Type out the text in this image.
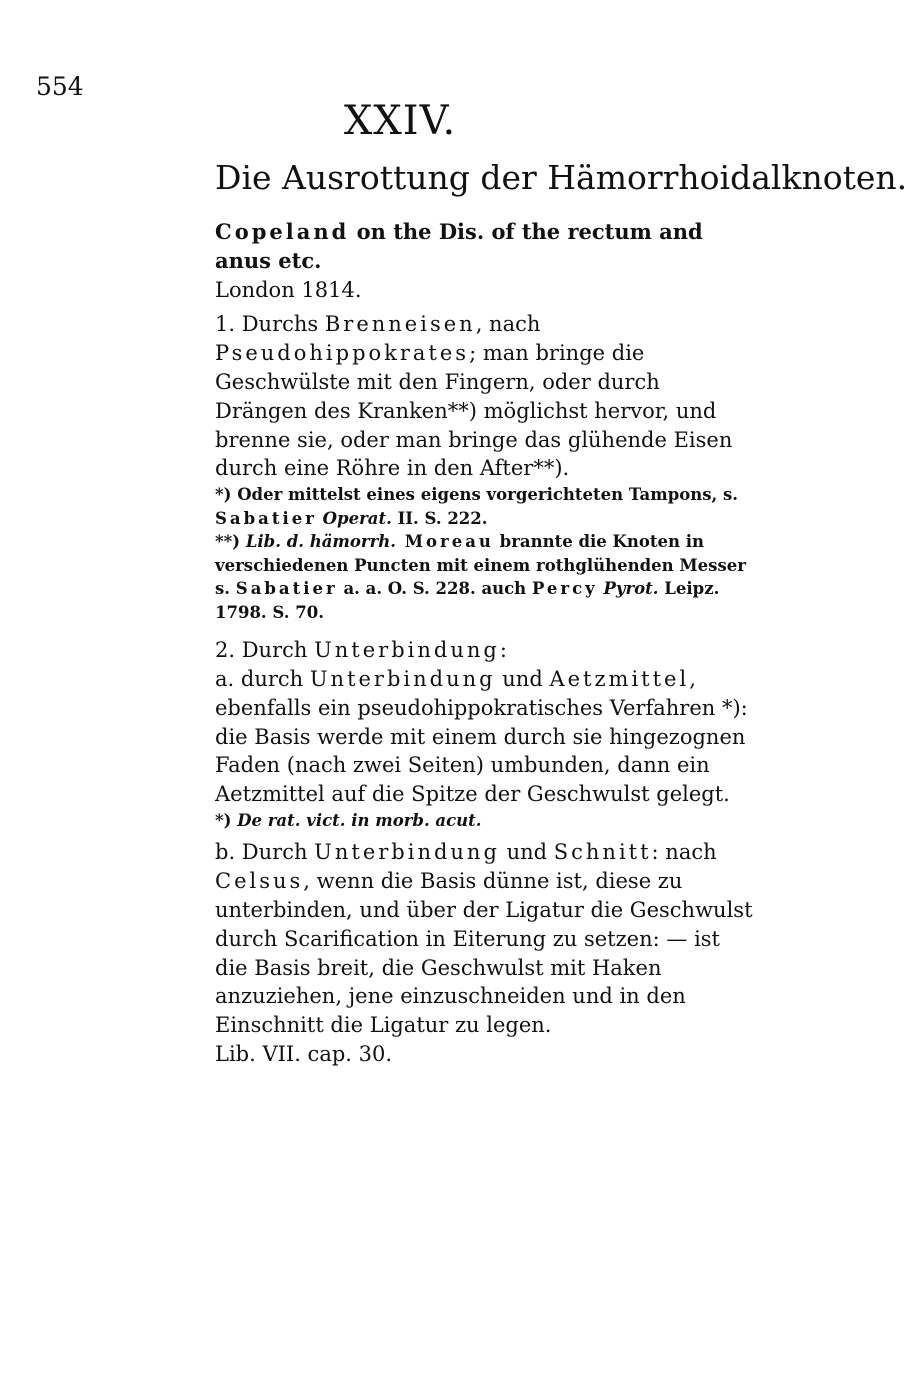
554
XXIV.
Die Ausrottung der Hämorrhoidalknoten.

Copeland on the Dis. of the rectum and anus etc.
London 1814.

1. Durchs Brenneisen, nach Pseudohippokrates; man bringe die Geschwülste mit den Fingern, oder durch Drängen des Kranken**) möglichst hervor, und brenne sie, oder man bringe das glühende Eisen durch eine Röhre in den After**).

*) Oder mittelst eines eigens vorgerichteten Tampons, s. Sabatier Operat. II. S. 222.

**) Lib. d. hämorrh. Moreau brannte die Knoten in verschiedenen Puncten mit einem rothglühenden Messer s. Sabatier a. a. O. S. 228. auch Percy Pyrot. Leipz. 1798. S. 70.

2. Durch Unterbindung:

a. durch Unterbindung und Aetzmittel, ebenfalls ein pseudohippokratisches Verfahren *): die Basis werde mit einem durch sie hingezognen Faden (nach zwei Seiten) umbunden, dann ein Aetzmittel auf die Spitze der Geschwulst gelegt.

*) De rat. vict. in morb. acut.

b. Durch Unterbindung und Schnitt: nach Celsus, wenn die Basis dünne ist, diese zu unterbinden, und über der Ligatur die Geschwulst durch Scarification in Eiterung zu setzen: — ist die Basis breit, die Geschwulst mit Haken anzuziehen, jene einzuschneiden und in den Einschnitt die Ligatur zu legen.

Lib. VII. cap. 30.
